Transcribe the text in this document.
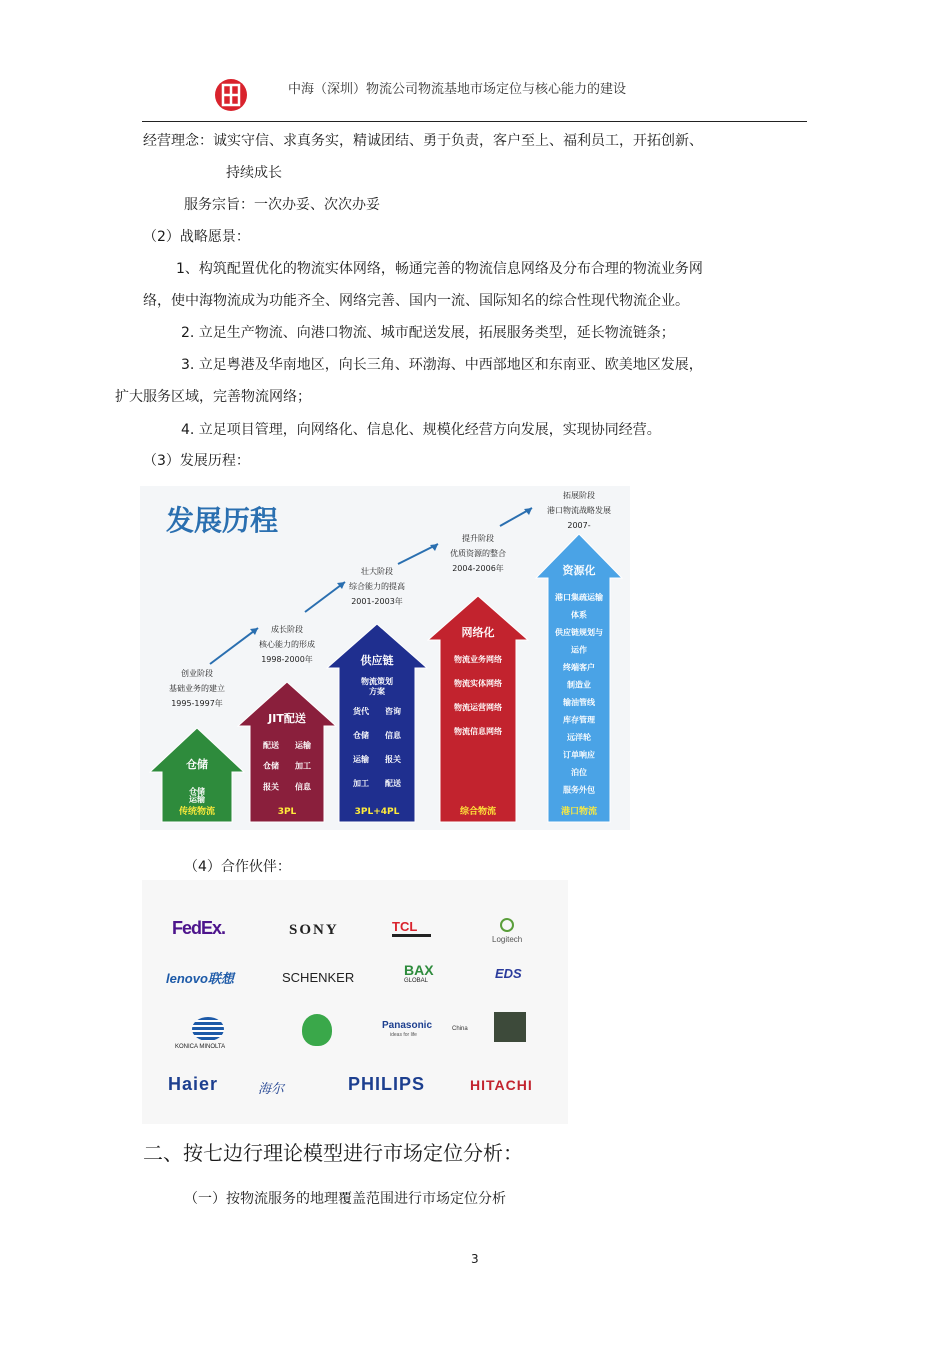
中海（深圳）物流公司物流基地市场定位与核心能力的建设
经营理念：诚实守信、求真务实，精诚团结、勇于负责，客户至上、福利员工，开拓创新、
持续成长
服务宗旨：一次办妥、次次办妥
（2）战略愿景：
1、构筑配置优化的物流实体网络，畅通完善的物流信息网络及分布合理的物流业务网
络，使中海物流成为功能齐全、网络完善、国内一流、国际知名的综合性现代物流企业。
2. 立足生产物流、向港口物流、城市配送发展，拓展服务类型，延长物流链条；
3. 立足粤港及华南地区，向长三角、环渤海、中西部地区和东南亚、欧美地区发展，
扩大服务区域，完善物流网络；
4. 立足项目管理，向网络化、信息化、规模化经营方向发展，实现协同经营。
（3）发展历程：
发展历程
仓储
仓储
运输
传统物流
创业阶段
基础业务的建立
1995-1997年
JIT配送
配送 运输
仓储 加工
报关 信息
3PL
成长阶段
核心能力的形成
1998-2000年	供应链
物流策划
方案
货代 咨询
仓储 信息
运输 报关
加工 配送
3PL+4PL
壮大阶段
综合能力的提高
2001-2003年
网络化
物流业务网络
物流实体网络
物流运营网络
物流信息网络
综合物流
提升阶段
优质资源的整合
2004-2006年	资源化
港口集疏运输
体系
供应链规划与
运作
终端客户
制造业
输油管线
库存管理
远洋轮
订单响应
泊位
服务外包
港口物流
拓展阶段
港口物流战略发展
2007-
（4）合作伙伴：
FedEx.	SONY	TCL
Logitech
lenovo联想	SCHENKER	BAX
GLOBAL	EDS
KONICA MINOLTA
Panasonic
ideas for life
China
Haier	海尔	PHILIPS	HITACHI
二、按七边行理论模型进行市场定位分析：
（一）按物流服务的地理覆盖范围进行市场定位分析
3
